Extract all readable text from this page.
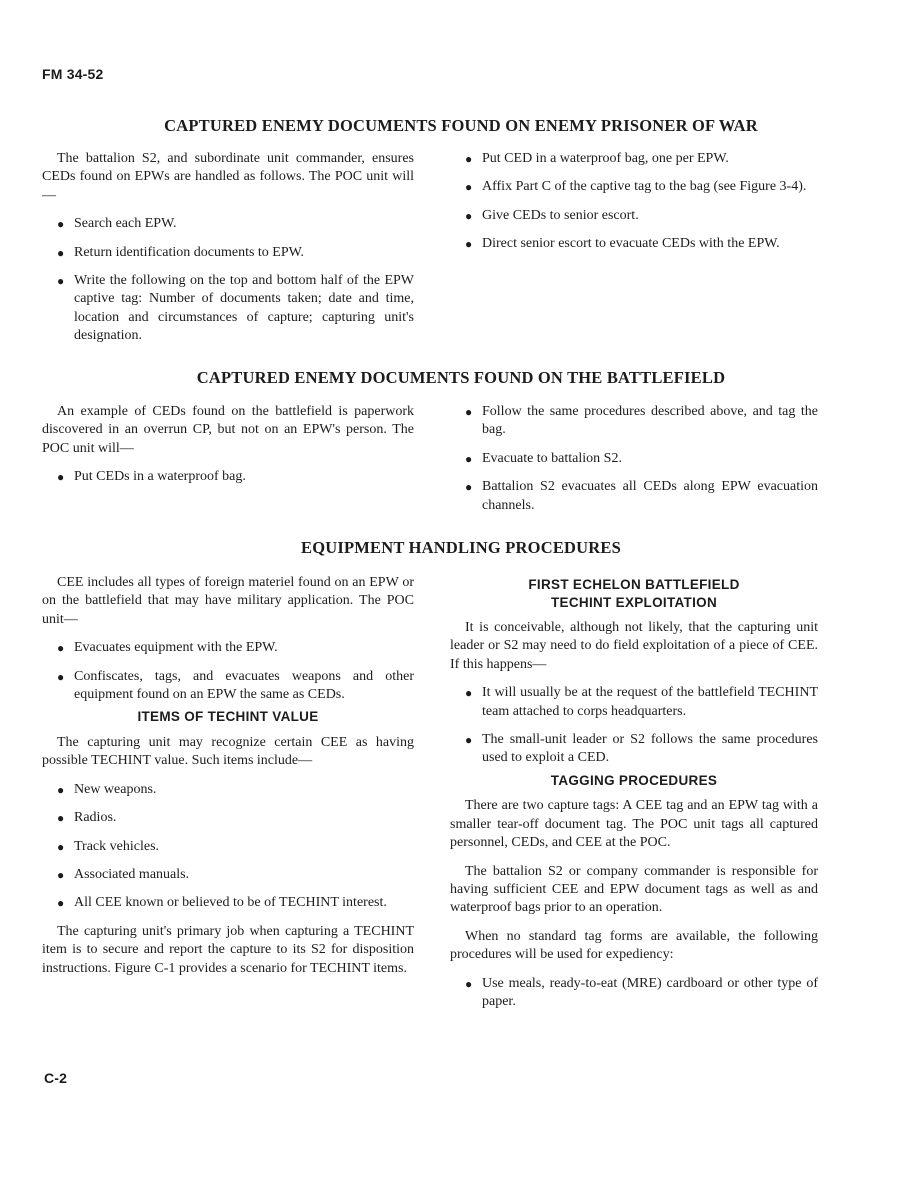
FM 34-52
CAPTURED ENEMY DOCUMENTS FOUND ON ENEMY PRISONER OF WAR

The battalion S2, and subordinate unit commander, ensures CEDs found on EPWs are handled as follows. The POC unit will—

● Search each EPW.
● Return identification documents to EPW.
● Write the following on the top and bottom half of the EPW captive tag: Number of documents taken; date and time, location and circumstances of capture; capturing unit's designation.
● Put CED in a waterproof bag, one per EPW.
● Affix Part C of the captive tag to the bag (see Figure 3-4).
● Give CEDs to senior escort.
● Direct senior escort to evacuate CEDs with the EPW.
CAPTURED ENEMY DOCUMENTS FOUND ON THE BATTLEFIELD

An example of CEDs found on the battlefield is paperwork discovered in an overrun CP, but not on an EPW's person. The POC unit will—

● Put CEDs in a waterproof bag.
● Follow the same procedures described above, and tag the bag.
● Evacuate to battalion S2.
● Battalion S2 evacuates all CEDs along EPW evacuation channels.
EQUIPMENT HANDLING PROCEDURES

CEE includes all types of foreign materiel found on an EPW or on the battlefield that may have military application. The POC unit—

● Evacuates equipment with the EPW.
● Confiscates, tags, and evacuates weapons and other equipment found on an EPW the same as CEDs.
ITEMS OF TECHINT VALUE

The capturing unit may recognize certain CEE as having possible TECHINT value. Such items include—

● New weapons.
● Radios.
● Track vehicles.
● Associated manuals.
● All CEE known or believed to be of TECHINT interest.

The capturing unit's primary job when capturing a TECHINT item is to secure and report the capture to its S2 for disposition instructions. Figure C-1 provides a scenario for TECHINT items.

FIRST ECHELON BATTLEFIELD
TECHINT EXPLOITATION

It is conceivable, although not likely, that the capturing unit leader or S2 may need to do field exploitation of a piece of CEE. If this happens—

● It will usually be at the request of the battlefield TECHINT team attached to corps headquarters.
● The small-unit leader or S2 follows the same procedures used to exploit a CED.
TAGGING PROCEDURES

There are two capture tags: A CEE tag and an EPW tag with a smaller tear-off document tag. The POC unit tags all captured personnel, CEDs, and CEE at the POC.

The battalion S2 or company commander is responsible for having sufficient CEE and EPW document tags as well as and waterproof bags prior to an operation.

When no standard tag forms are available, the following procedures will be used for expediency:

● Use meals, ready-to-eat (MRE) cardboard or other type of paper.
C-2
